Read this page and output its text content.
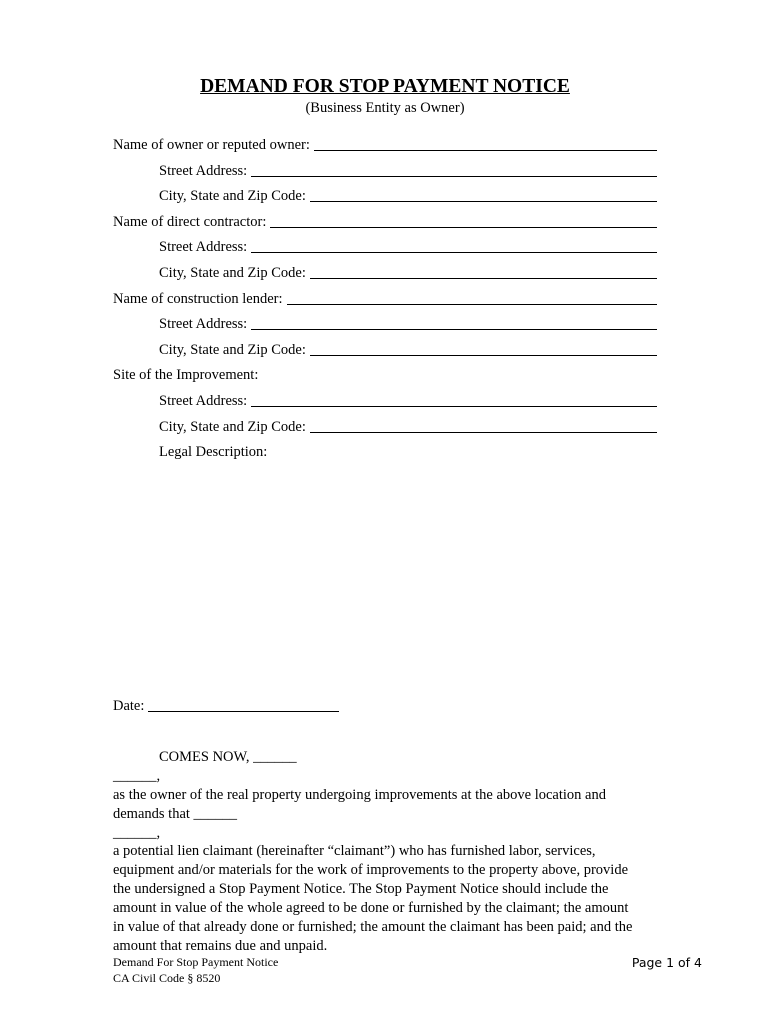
DEMAND FOR STOP PAYMENT NOTICE
(Business Entity as Owner)
Name of owner or reputed owner:
Street Address:
City, State and Zip Code:
Name of direct contractor:
Street Address:
City, State and Zip Code:
Name of construction lender:
Street Address:
City, State and Zip Code:
Site of the Improvement:
Street Address:
City, State and Zip Code:
Legal Description:
Date:
COMES NOW, ______
______,
as the owner of the real property undergoing improvements at the above location and
demands that ______
______,
a potential lien claimant (hereinafter “claimant”) who has furnished labor, services,
equipment and/or materials for the work of improvements to the property above, provide
the undersigned a Stop Payment Notice. The Stop Payment Notice should include the
amount in value of the whole agreed to be done or furnished by the claimant; the amount
in value of that already done or furnished; the amount the claimant has been paid; and the
amount that remains due and unpaid.
Demand For Stop Payment Notice
CA Civil Code § 8520
Page 1 of 4
